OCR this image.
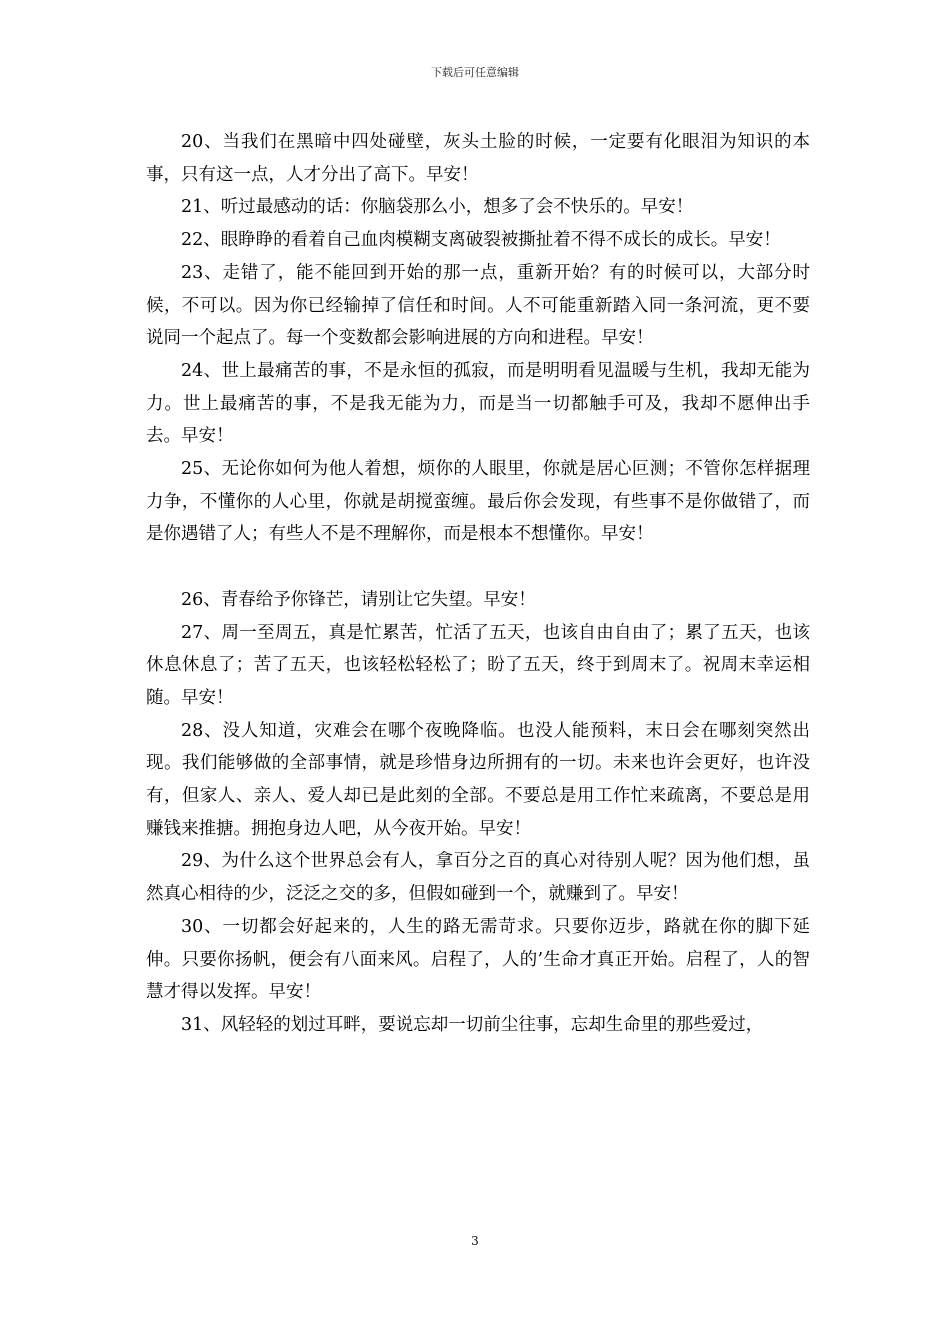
下载后可任意编辑

20、当我们在黑暗中四处碰壁，灰头土脸的时候，一定要有化眼泪为知识的本事，只有这一点，人才分出了高下。早安！

21、听过最感动的话：你脑袋那么小，想多了会不快乐的。早安！

22、眼睁睁的看着自己血肉模糊支离破裂被撕扯着不得不成长的成长。早安！

23、走错了，能不能回到开始的那一点，重新开始？有的时候可以，大部分时候，不可以。因为你已经输掉了信任和时间。人不可能重新踏入同一条河流，更不要说同一个起点了。每一个变数都会影响进展的方向和进程。早安！

24、世上最痛苦的事，不是永恒的孤寂，而是明明看见温暖与生机，我却无能为力。世上最痛苦的事，不是我无能为力，而是当一切都触手可及，我却不愿伸出手去。早安！

25、无论你如何为他人着想，烦你的人眼里，你就是居心叵测；不管你怎样据理力争，不懂你的人心里，你就是胡搅蛮缠。最后你会发现，有些事不是你做错了，而是你遇错了人；有些人不是不理解你，而是根本不想懂你。早安！

26、青春给予你锋芒，请别让它失望。早安！

27、周一至周五，真是忙累苦，忙活了五天，也该自由自由了；累了五天，也该休息休息了；苦了五天，也该轻松轻松了；盼了五天，终于到周末了。祝周末幸运相随。早安！

28、没人知道，灾难会在哪个夜晚降临。也没人能预料，末日会在哪刻突然出现。我们能够做的全部事情，就是珍惜身边所拥有的一切。未来也许会更好，也许没有，但家人、亲人、爱人却已是此刻的全部。不要总是用工作忙来疏离，不要总是用赚钱来推搪。拥抱身边人吧，从今夜开始。早安！

29、为什么这个世界总会有人，拿百分之百的真心对待别人呢？因为他们想，虽然真心相待的少，泛泛之交的多，但假如碰到一个，就赚到了。早安！

30、一切都会好起来的，人生的路无需苛求。只要你迈步，路就在你的脚下延伸。只要你扬帆，便会有八面来风。启程了，人的’生命才真正开始。启程了，人的智慧才得以发挥。早安！

31、风轻轻的划过耳畔，要说忘却一切前尘往事，忘却生命里的那些爱过，

3
